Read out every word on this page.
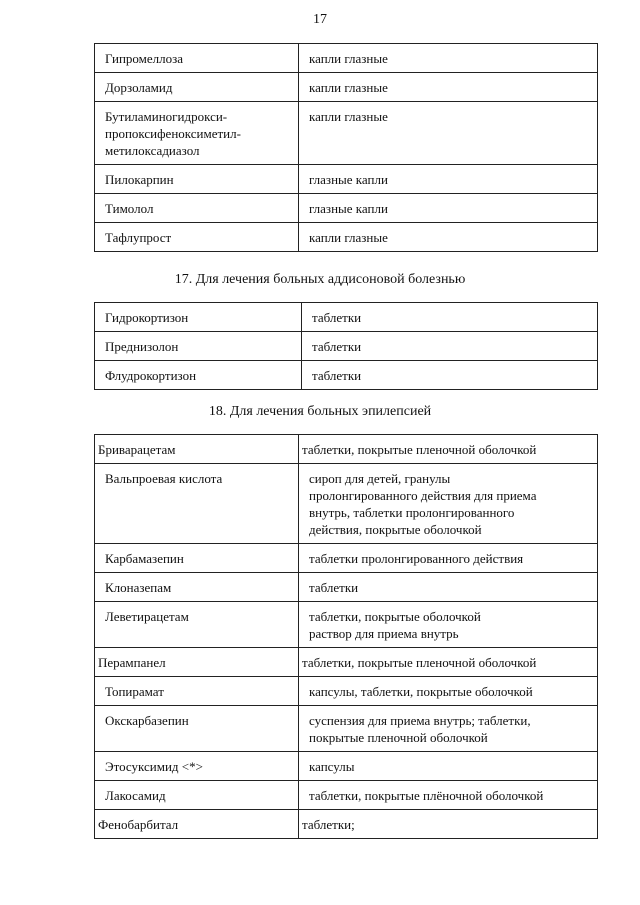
17
Гипромеллоза	капли глазные
Дорзоламид	капли глазные
Бутиламиногидрокси-
пропоксифеноксиметил-
метилоксадиазол	капли глазные
Пилокарпин	глазные капли
Тимолол	глазные капли
Тафлупрост	капли глазные
17. Для лечения больных аддисоновой болезнью
Гидрокортизон	таблетки
Преднизолон	таблетки
Флудрокортизон	таблетки
18. Для лечения больных эпилепсией
Бриварацетам	таблетки, покрытые пленочной оболочкой
Вальпроевая кислота	сироп для детей, гранулы
пролонгированного действия для приема
внутрь, таблетки пролонгированного
действия, покрытые оболочкой
Карбамазепин	таблетки пролонгированного действия
Клоназепам	таблетки
Леветирацетам	таблетки, покрытые оболочкой
раствор для приема внутрь
Перампанел	таблетки, покрытые пленочной оболочкой
Топирамат	капсулы, таблетки, покрытые оболочкой
Окскарбазепин	суспензия для приема внутрь; таблетки,
покрытые пленочной оболочкой
Этосуксимид <*>	капсулы
Лакосамид	таблетки, покрытые плёночной оболочкой
Фенобарбитал	таблетки;
